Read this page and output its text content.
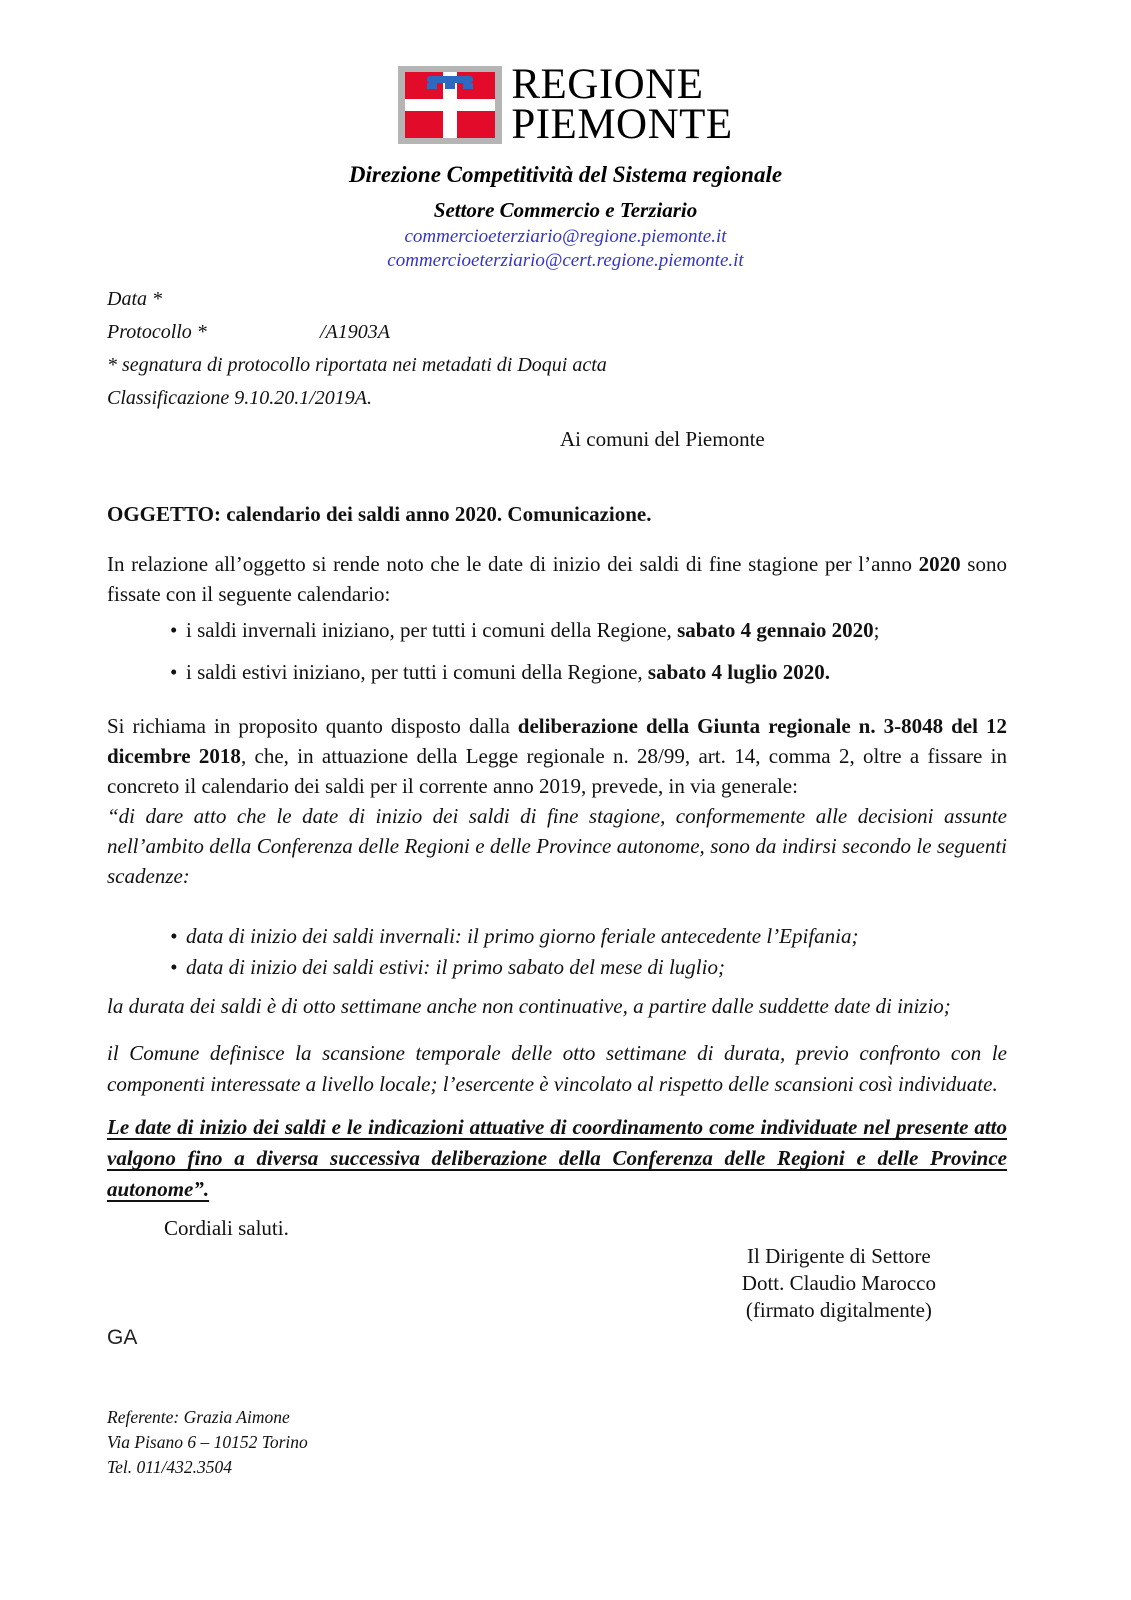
REGIONE
PIEMONTE
Direzione Competitività del Sistema regionale
Settore Commercio e Terziario
commercioeterziario@regione.piemonte.it
commercioeterziario@cert.regione.piemonte.it
Data *
Protocollo *	/A1903A
* segnatura di protocollo riportata nei metadati di Doqui acta
Classificazione 9.10.20.1/2019A.
Ai comuni del Piemonte
OGGETTO: calendario dei saldi anno 2020. Comunicazione.

In relazione all’oggetto si rende noto che le date di inizio dei saldi di fine stagione per l’anno 2020 sono fissate con il seguente calendario:

• i saldi invernali iniziano, per tutti i comuni della Regione, sabato 4 gennaio 2020;
• i saldi estivi iniziano, per tutti i comuni della Regione, sabato 4 luglio 2020.

Si richiama in proposito quanto disposto dalla deliberazione della Giunta regionale n. 3-8048 del 12 dicembre 2018, che, in attuazione della Legge regionale n. 28/99, art. 14, comma 2, oltre a fissare in concreto il calendario dei saldi per il corrente anno 2019, prevede, in via generale:

“di dare atto che le date di inizio dei saldi di fine stagione, conformemente alle decisioni assunte nell’ambito della Conferenza delle Regioni e delle Province autonome, sono da indirsi secondo le seguenti scadenze:

• data di inizio dei saldi invernali: il primo giorno feriale antecedente l’Epifania;
• data di inizio dei saldi estivi: il primo sabato del mese di luglio;

la durata dei saldi è di otto settimane anche non continuative, a partire dalle suddette date di inizio;

il Comune definisce la scansione temporale delle otto settimane di durata, previo confronto con le componenti interessate a livello locale; l’esercente è vincolato al rispetto delle scansioni così individuate.

Le date di inizio dei saldi e le indicazioni attuative di coordinamento come individuate nel presente atto valgono fino a diversa successiva deliberazione della Conferenza delle Regioni e delle Province autonome”.

Cordiali saluti.
Il Dirigente di Settore
Dott. Claudio Marocco
(firmato digitalmente)
GA
Referente: Grazia Aimone
Via Pisano 6 – 10152 Torino
Tel. 011/432.3504
